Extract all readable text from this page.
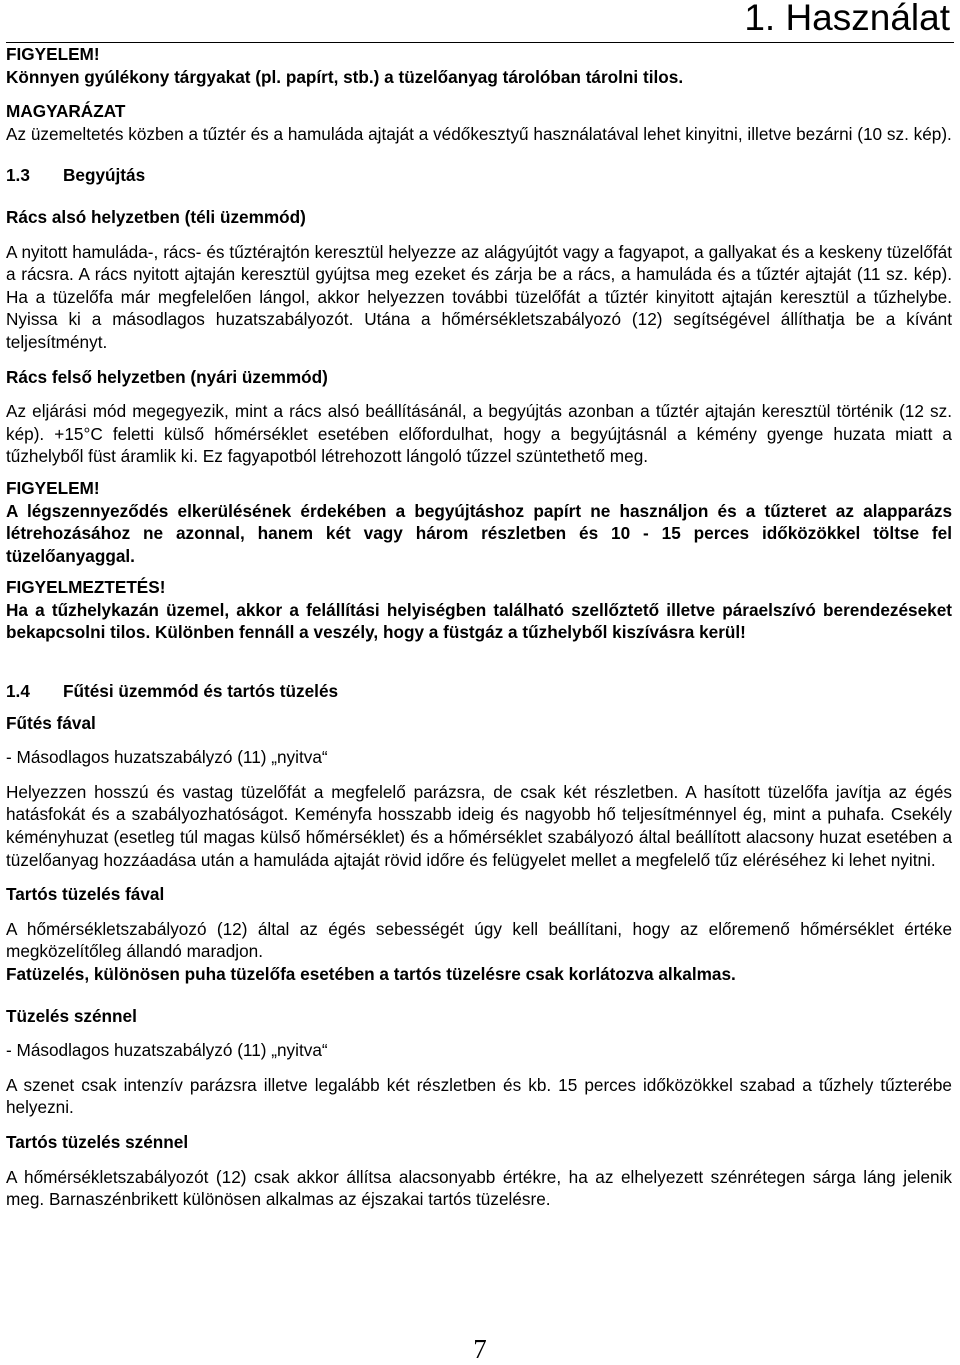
1. Használat

FIGYELEM!

Könnyen gyúlékony tárgyakat (pl. papírt, stb.) a tüzelőanyag tárolóban tárolni tilos.

MAGYARÁZAT

Az üzemeltetés közben a tűztér és a hamuláda ajtaját a védőkesztyű használatával lehet kinyitni, illetve bezárni (10 sz. kép).

1.3	Begyújtás

Rács alsó helyzetben (téli üzemmód)

A nyitott hamuláda-, rács- és tűztérajtón keresztül helyezze az alágyújtót vagy a fagyapot, a gallyakat és a keskeny tüzelőfát a rácsra. A rács nyitott ajtaján keresztül gyújtsa meg ezeket és zárja be a rács, a hamuláda és a tűztér ajtaját (11 sz. kép). Ha a tüzelőfa már megfelelően lángol, akkor helyezzen további tüzelőfát a tűztér kinyitott ajtaján keresztül a tűzhelybe. Nyissa ki a másodlagos huzatszabályozót. Utána a hőmérsékletszabályozó (12) segítségével állíthatja be a kívánt teljesítményt.

Rács felső helyzetben (nyári üzemmód)

Az eljárási mód megegyezik, mint a rács alsó beállításánál, a begyújtás azonban a tűztér ajtaján keresztül történik (12 sz. kép). +15°C feletti külső hőmérséklet esetében előfordulhat, hogy a begyújtásnál a kémény gyenge huzata miatt a tűzhelyből füst áramlik ki. Ez fagyapotból létrehozott lángoló tűzzel szüntethető meg.

FIGYELEM!

A légszennyeződés elkerülésének érdekében a begyújtáshoz papírt ne használjon és a tűzteret az alapparázs létrehozásához ne azonnal, hanem két vagy három részletben és 10 - 15 perces időközökkel töltse fel tüzelőanyaggal.

FIGYELMEZTETÉS!

Ha a tűzhelykazán üzemel, akkor a felállítási helyiségben található szellőztető illetve páraelszívó berendezéseket bekapcsolni tilos. Különben fennáll a veszély, hogy a füstgáz a tűzhelyből kiszívásra kerül!

1.4	Fűtési üzemmód és tartós tüzelés

Fűtés fával

- Másodlagos huzatszabályzó (11) „nyitva“

Helyezzen hosszú és vastag tüzelőfát a megfelelő parázsra, de csak két részletben. A hasított tüzelőfa javítja az égés hatásfokát és a szabályozhatóságot. Keményfa hosszabb ideig és nagyobb hő teljesítménnyel ég, mint a puhafa. Csekély kéményhuzat (esetleg túl magas külső hőmérséklet) és a hőmérséklet szabályozó által beállított alacsony huzat esetében a tüzelőanyag hozzáadása után a hamuláda ajtaját rövid időre és felügyelet mellet a megfelelő tűz eléréséhez ki lehet nyitni.

Tartós tüzelés fával

A hőmérsékletszabályozó (12) által az égés sebességét úgy kell beállítani, hogy az előremenő hőmérséklet értéke megközelítőleg állandó maradjon.

Fatüzelés, különösen puha tüzelőfa esetében a tartós tüzelésre csak korlátozva alkalmas.

Tüzelés szénnel

- Másodlagos huzatszabályzó (11) „nyitva“

A szenet csak intenzív parázsra illetve legalább két részletben és kb. 15 perces időközökkel szabad a tűzhely tűzterébe helyezni.

Tartós tüzelés szénnel

A hőmérsékletszabályozót (12) csak akkor állítsa alacsonyabb értékre, ha az elhelyezett szénrétegen sárga láng jelenik meg. Barnaszénbrikett különösen alkalmas az éjszakai tartós tüzelésre.

7
